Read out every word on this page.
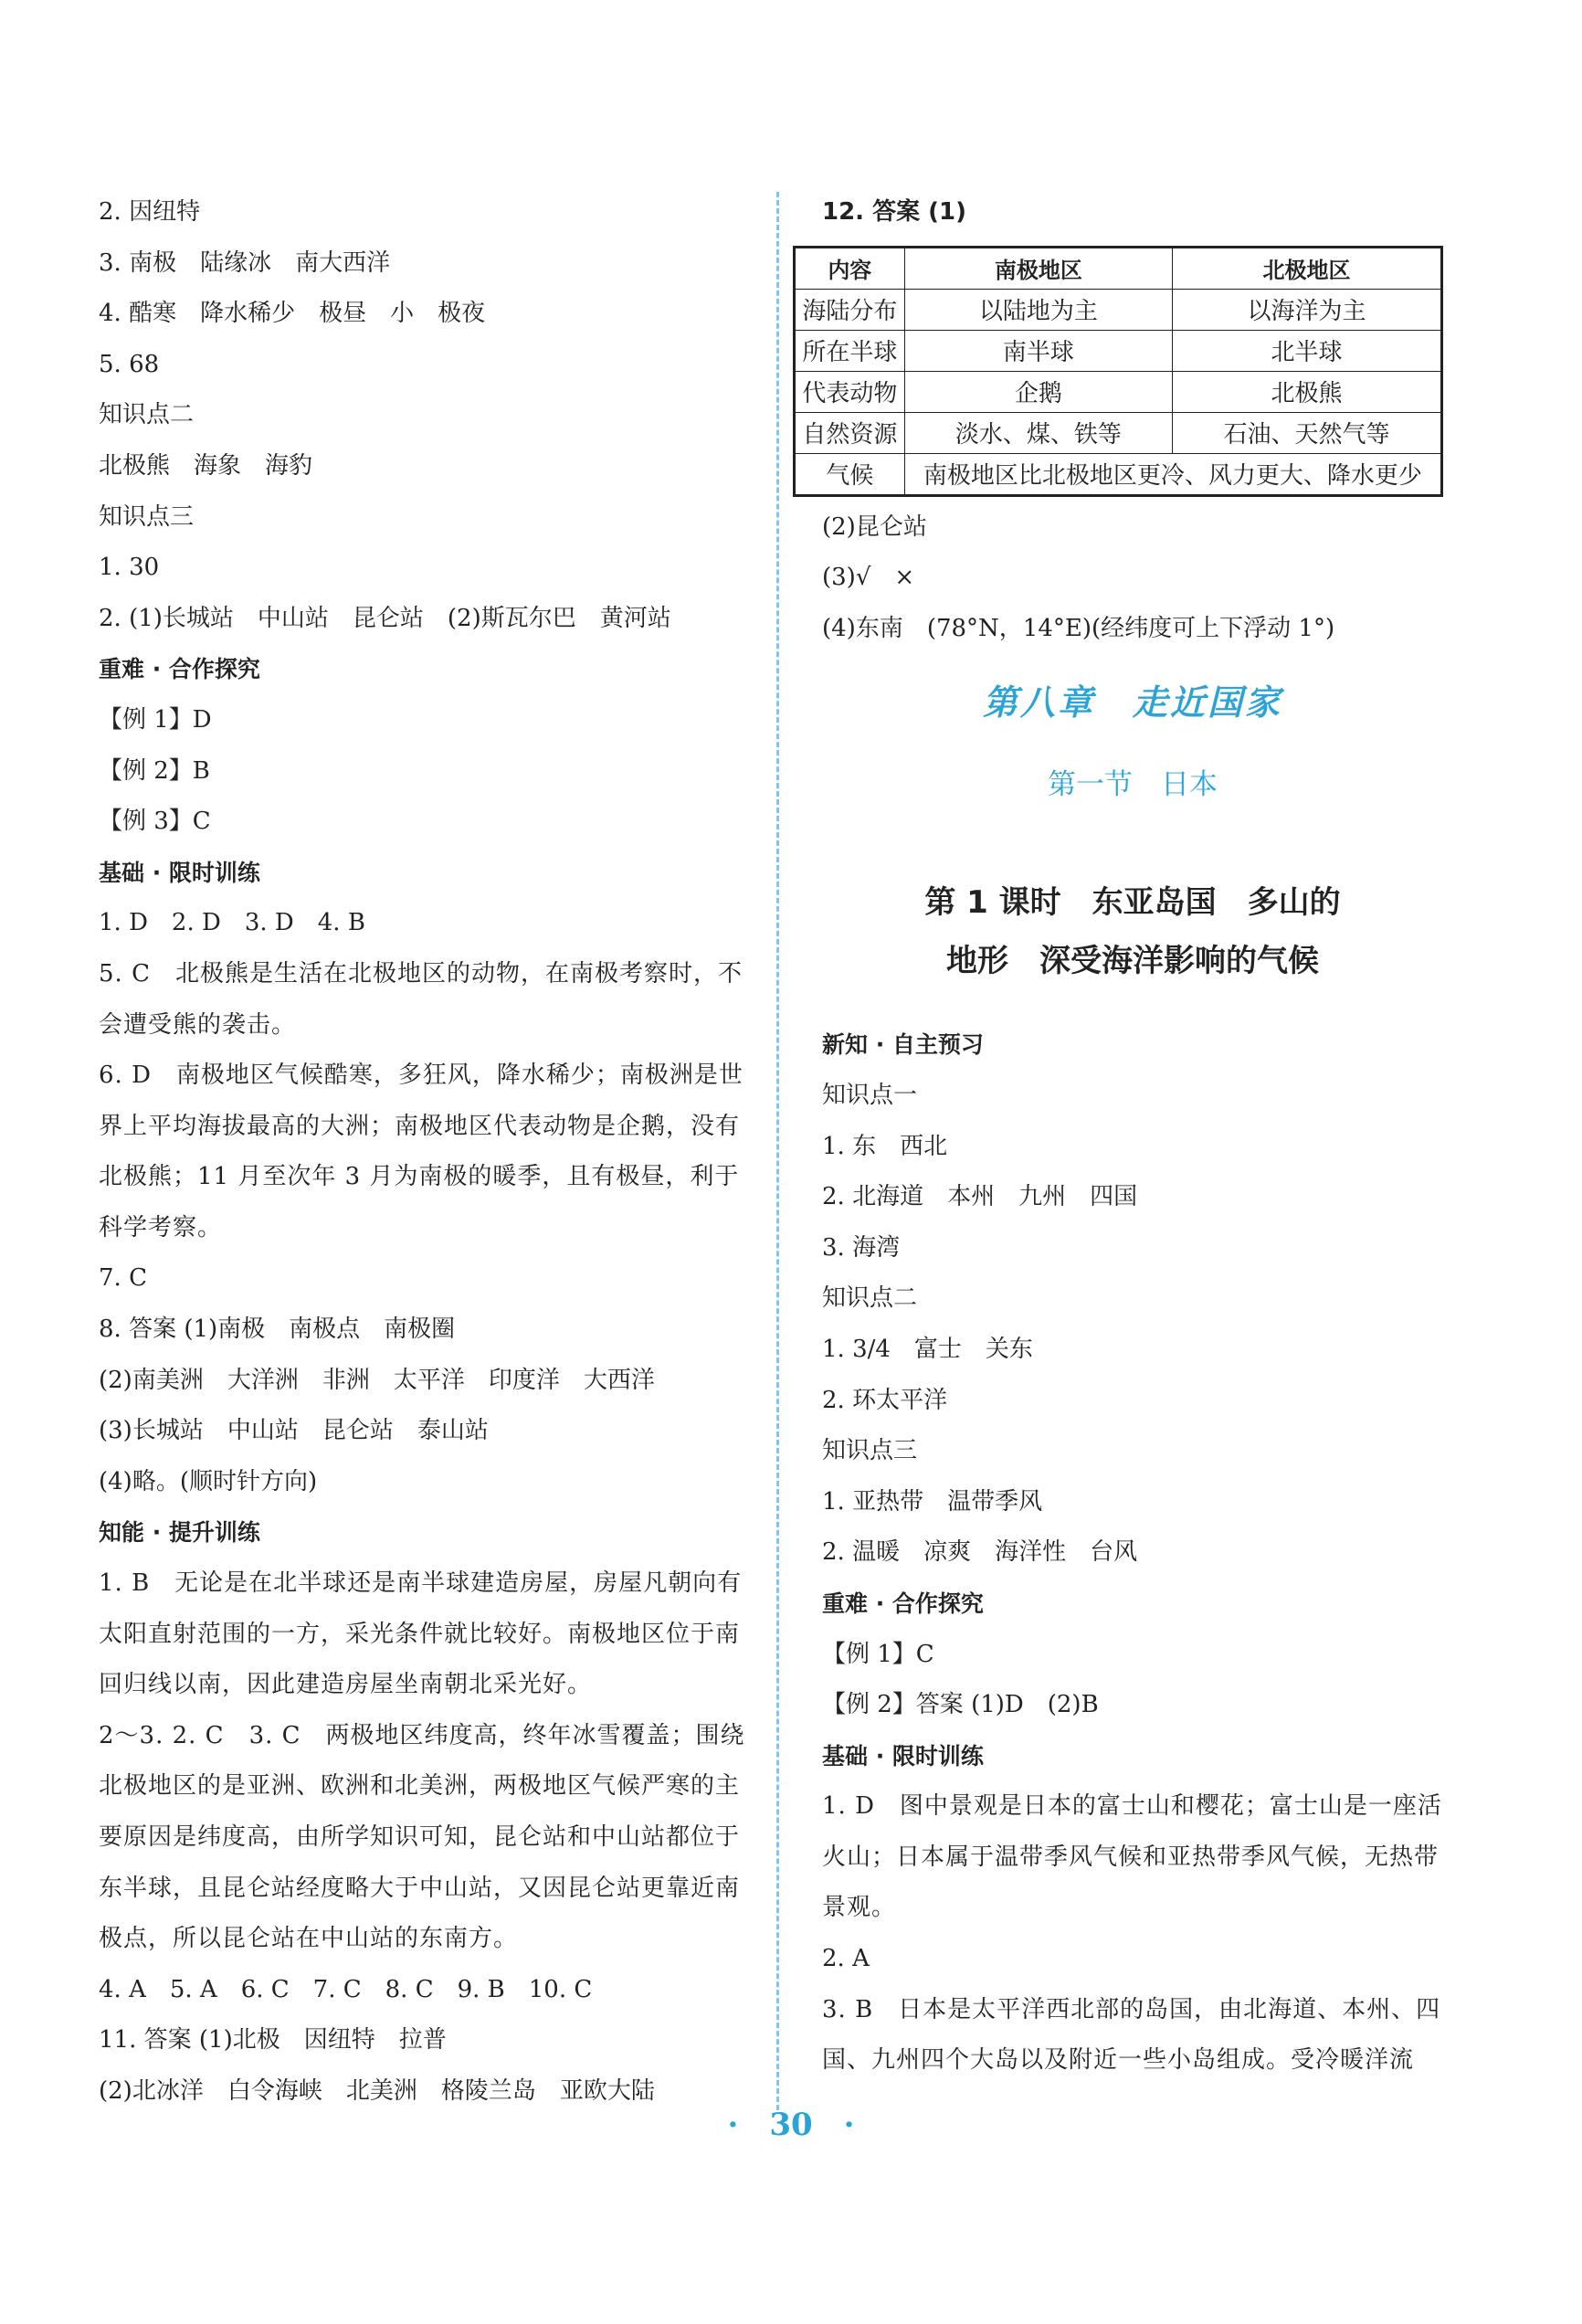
2. 因纽特

3. 南极　陆缘冰　南大西洋

4. 酷寒　降水稀少　极昼　小　极夜

5. 68

知识点二

北极熊　海象　海豹

知识点三

1. 30

2. (1)长城站　中山站　昆仑站　(2)斯瓦尔巴　黄河站

重难 · 合作探究

【例 1】D

【例 2】B

【例 3】C

基础 · 限时训练

1. D　2. D　3. D　4. B

5. C　北极熊是生活在北极地区的动物，在南极考察时，不会遭受熊的袭击。

6. D　南极地区气候酷寒，多狂风，降水稀少；南极洲是世界上平均海拔最高的大洲；南极地区代表动物是企鹅，没有北极熊；11 月至次年 3 月为南极的暖季，且有极昼，利于科学考察。

7. C

8. 答案 (1)南极　南极点　南极圈

(2)南美洲　大洋洲　非洲　太平洋　印度洋　大西洋

(3)长城站　中山站　昆仑站　泰山站

(4)略。(顺时针方向)

知能 · 提升训练

1. B　无论是在北半球还是南半球建造房屋，房屋凡朝向有太阳直射范围的一方，采光条件就比较好。南极地区位于南回归线以南，因此建造房屋坐南朝北采光好。

2～3. 2. C　3. C　两极地区纬度高，终年冰雪覆盖；围绕北极地区的是亚洲、欧洲和北美洲，两极地区气候严寒的主要原因是纬度高，由所学知识可知，昆仑站和中山站都位于东半球，且昆仑站经度略大于中山站，又因昆仑站更靠近南极点，所以昆仑站在中山站的东南方。

4. A　5. A　6. C　7. C　8. C　9. B　10. C

11. 答案 (1)北极　因纽特　拉普

(2)北冰洋　白令海峡　北美洲　格陵兰岛　亚欧大陆

12. 答案 (1)

内容	南极地区	北极地区
海陆分布	以陆地为主	以海洋为主
所在半球	南半球	北半球
代表动物	企鹅	北极熊
自然资源	淡水、煤、铁等	石油、天然气等
气候	南极地区比北极地区更冷、风力更大、降水更少	

(2)昆仑站

(3)√　×

(4)东南　(78°N，14°E)(经纬度可上下浮动 1°)

第八章　走近国家
第一节　日本
第 1 课时　东亚岛国　多山的
地形　深受海洋影响的气候

新知 · 自主预习

知识点一

1. 东　西北

2. 北海道　本州　九州　四国

3. 海湾

知识点二

1. 3/4　富士　关东

2. 环太平洋

知识点三

1. 亚热带　温带季风

2. 温暖　凉爽　海洋性　台风

重难 · 合作探究

【例 1】C

【例 2】答案 (1)D　(2)B

基础 · 限时训练

1. D　图中景观是日本的富士山和樱花；富士山是一座活火山；日本属于温带季风气候和亚热带季风气候，无热带景观。

2. A

3. B　日本是太平洋西北部的岛国，由北海道、本州、四国、九州四个大岛以及附近一些小岛组成。受冷暖洋流

·　30　·
